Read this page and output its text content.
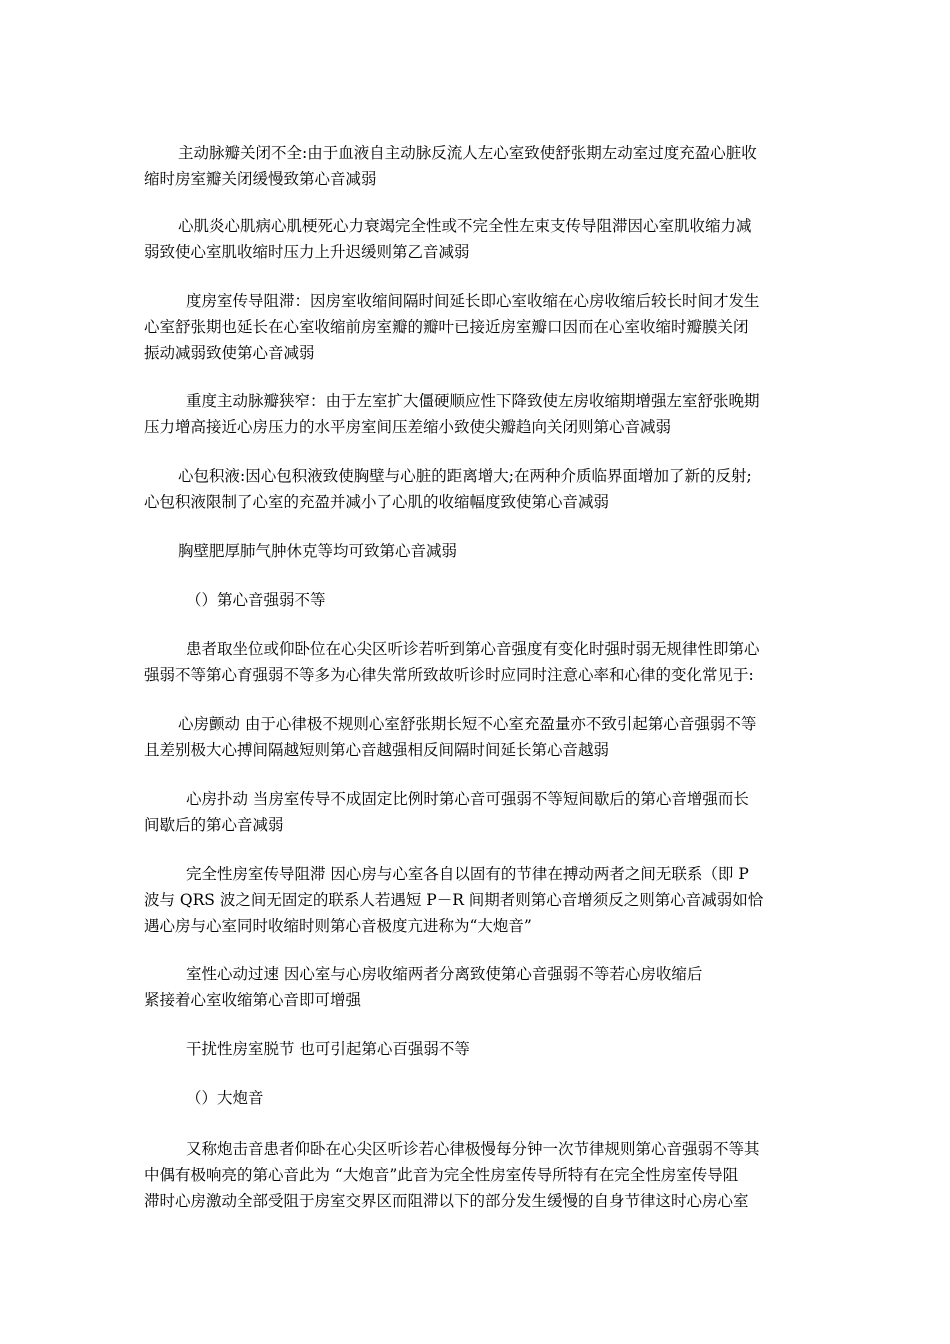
主动脉瓣关闭不全:由于血液自主动脉反流人左心室致使舒张期左动室过度充盈心脏收
缩时房室瓣关闭缓慢致第心音减弱
心肌炎心肌病心肌梗死心力衰竭完全性或不完全性左束支传导阻滞因心室肌收缩力减
弱致使心室肌收缩时压力上升迟缓则第乙音减弱
度房室传导阻滞：因房室收缩间隔时间延长即心室收缩在心房收缩后较长时间才发生
心室舒张期也延长在心室收缩前房室瓣的瓣叶已接近房室瓣口因而在心室收缩时瓣膜关闭
振动减弱致使第心音减弱
重度主动脉瓣狭窄：由于左室扩大僵硬顺应性下降致使左房收缩期增强左室舒张晚期
压力增高接近心房压力的水平房室间压差缩小致使尖瓣趋向关闭则第心音减弱
心包积液:因心包积液致使胸壁与心脏的距离增大;在两种介质临界面增加了新的反射;
心包积液限制了心室的充盈并减小了心肌的收缩幅度致使第心音减弱
胸壁肥厚肺气肿休克等均可致第心音减弱
（）第心音强弱不等
患者取坐位或仰卧位在心尖区听诊若听到第心音强度有变化时强时弱无规律性即第心
强弱不等第心育强弱不等多为心律失常所致故听诊时应同时注意心率和心律的变化常见于:
心房颤动 由于心律极不规则心室舒张期长短不心室充盈量亦不致引起第心音强弱不等
且差别极大心搏间隔越短则第心音越强相反间隔时间延长第心音越弱
心房扑动 当房室传导不成固定比例时第心音可强弱不等短间歇后的第心音增强而长
间歇后的第心音减弱
完全性房室传导阻滞 因心房与心室各自以固有的节律在搏动两者之间无联系（即 P
波与 QRS 波之间无固定的联系人若遇短 P－R 间期者则第心音增须反之则第心音减弱如恰
遇心房与心室同时收缩时则第心音极度亢进称为“大炮音”
室性心动过速 因心室与心房收缩两者分离致使第心音强弱不等若心房收缩后
紧接着心室收缩第心音即可增强
干扰性房室脱节 也可引起第心百强弱不等
（）大炮音
又称炮击音患者仰卧在心尖区听诊若心律极慢每分钟一次节律规则第心音强弱不等其
中偶有极响亮的第心音此为 “大炮音”此音为完全性房室传导所特有在完全性房室传导阻
滞时心房激动全部受阻于房室交界区而阻滞以下的部分发生缓慢的自身节律这时心房心室
